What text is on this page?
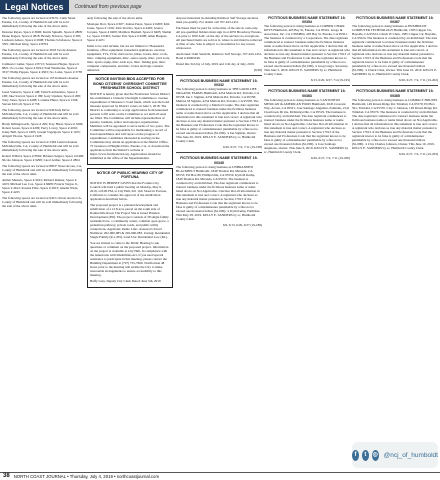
Legal Notices	Continued from previous page

The following spaces are located at 639 W. Clark Street Eureka, CA, County of Humboldt and will be sold immediately following the sale of the above units.

Dezarae Reyes, Space # 3606; Kurtis Spinelli, Space # 2808; Diane Rogers, Space # 2818; Brandy Navarro, Space # 305; Lashawn Amaro, Space # 2908; Thomas Sclafonow, Space # 3301; Michael King, Space # 8704

The following spaces are located at 3618 Jacobs Avenue Eureka, CA, County of Humboldt and will be sold immediately following the sale of the above units.

Cathleen Cromer, Space # 8713; Seanessa Hagan, Space # 8821; Ivo Loder, Space # 8194; Paul Westbroke, Space # 3537; Philip Pappas, Space # 4503; Ivo Loder, Space # 3738

The following spaces are located at 105 Indianola Avenue Eureka, CA, County of Humboldt and will be sold immediately following the sale of the above units.

Jason Valencia, Space # 148; Tami Scarmazzino, Space # 168; Jake Savard, Space # 189; Gary Upshaw, Space # 268; Tony Jones, Space # 4208; Lorraine Hines, Space # 1504; Steven McCall, Space # 756

The following spaces are located at 940 Indy Drive McKinleyville, CA, County of Humboldt and will be sold immediately following the sale of the above units.

Brady Killingsworth, Space # 209; Trey Hurst, Space # 3206; Robert Green, Space # 4209; Perry Lowry, Space # 4016; Jenny Bell, Space # 1905; Joseph Vogelgold, Space # 1105; Abigail Thorne, Space # 1928

The following spaces are located at 2394 Central Avenue McKinleyville, CA, County of Humboldt and will be sold immediately following the sale of the above units.

Robert Willard, Space # P062; Brianna Seigert, Space # 6408; Nicole Johnson, Space # 9298; Carol Arthur, Space # 2864

The following spaces are located at 880 F Street Arcata, CA, County of Humboldt and will be sold immediately following the sale of the above units.

Amber Masters, Space # 4163; Richard Runner, Space # 4103; Michael Lee Cox, Space # 6608; Francis Vargas Jr., Space # 4612; Rosana Platz, Space # 2813; Ainslie Wade, Space # 4225

The following spaces are located at 940 G Street Arcata CA, County of Humboldt and will be sold immediately following the sale of the above units.

ately following the sale of the above units.

Monique Dorr, Space # 607; Joshua Perez, Space # 6208; Kim Jones, Space # 1106; John Trevino, Space # 4403; Jessica Jacques, Space # 6409; Matthew Bushell, Space # 6405; Shelah Le, Space # 6403; Joanne Pair, Space # 6208; Allen Burgess, Space # 4471

Items to be sold include, but are not limited to: Household furniture, office equipment, household appliances, exercise equipment, TVs, VCR, microwave, bikes, books, misc. tools, misc. camping equipment, misc. stereo equip, misc. yard tools, misc. sports equip, misc. kids toys, misc. fishing gear, misc. computer components, and misc. boxes and bags contents unknown.

NOTICE INVITING BIDS ACCEPTED FOR BOND CITIZENS' OVERSIGHT COMMITTEE FRESHWATER SCHOOL DISTRICT

NOTICE is hereby given that the Freshwater School District has established a Citizens' Oversight Committee to oversee expenditures of Measure C bond funds, which was the bond measure approved by District voters on June 5, 2018. The District is continuing to accept applications from interested persons to fill seats on the Committee to act until all seats are filled. The Committee will include representatives of parents, business, senior and taxpayer organizations. Members will be appointed to serve terms of two years. The Committee will be responsible for maintaining a record of bond expenditures and will report on the progress of expenditures. Candidates interested in serving on the Committee may obtain an application at the District Office, 75 Greenwood Heights Drive, Eureka, CA, or download the application from the District's website at https://www.freshwatersd.org. Applications should be submitted at the office of the Superintendent.

NOTICE OF PUBLIC HEARING CITY OF FORTUNA

NOTICE IS HEREBY GIVEN that the Fortuna City Council will hold a public hearing on Monday, May 6, 2019, at 6:00 PM, at City Hall, 621 11th Street in Fortuna, California to consider the approval of the subdivision application described below.

The proposed project is a planned development and subdivision of a 12.8-acre parcel on the south side of Rohnerville Road. The Project Site is zoned Planned Development (PD). The project consists of 58 single family residential lots, a community center, common open space, a pedestrian pathway, private roads, and public utility connections. Applicant: Demo Lilac. Assessor's Parcel Numbers: 202-060-085 & 202-060-083. Zoning: Residential Single Family (R-1-PD). Land Use: Residential Low (RL).

You are invited to come to the Public Hearing to ask questions or comment on the proposed project. Information on the project is available at City Hall. In compliance with the Americans with Disabilities Act, if you need special assistance to participate in this meeting, please contact the Building Department at (707) 725-7600. Notification 48 hours prior to the meeting will enable the City to make reasonable arrangements to ensure accessibility to this meeting.

Buffy Gray, Deputy City Clerk Dated: June 5th, 2019

Anyone interested in attending Rainbow Self Storage auctions must pre-qualify. For details call 707-443-1451.

Purchases must be paid for at the time of the sale in cash only. All pre-qualified bidders must sign in at 4055 Broadway Eureka, CA prior to 9:00 A.M. on the day of the auction; no exceptions. All purchased items are sold as is, where is and must be removed at time of sale. Sale is subject to cancellation for any reason whatsoever.

Auctioneer: Kim Santschi, Rainbow Self Storage, 707-443-1451, Bond # 40065246.

Dated this 3rd day of July, 2019 and 11th day of July, 2019.

(6/28)

FICTITIOUS BUSINESS NAME STATEMENT 19-00332

The following person is doing business as THE GOOD LIFE ORGANIC FARMS Humboldt, 4254 Mattole Rd, Petrolia, CA 95558. Ian C Sigman, 4254 Mattole Rd, Petrolia, CA 95558; Melissa M Sigman, 4254 Mattole Rd, Petrolia, CA 95558. The business is conducted by a Married Couple. The date registrant commenced to transact business under the fictitious business name or name listed above on Not Applicable. I declare that all information in this statement is true and correct. A registrant who declares as true any material matter pursuant to Section 17913 of the Business and Professions Code that the registrant knows to be false is guilty of a misdemeanor punishable by a fine not to exceed one thousand dollars ($1,000). /s Ian Sigman, Owner. This June 26, 2019. KELLY E. SANDERS by sc, Humboldt County Clerk.

6/20, 6/27, 7/4, 7/11 (19-198)

FICTITIOUS BUSINESS NAME STATEMENT 19-00345

The following person is doing business as UNBRANDED BLACKBELT Humboldt, 1849 Thomas Rd, Miranda, CA 95553; PO Box 80, Phillipsville, CA 95559. Kym M Kemp, 1849 Thomas Rd, Miranda, CA 95553. The business is conducted by an Individual. The date registrant commenced to transact business under the fictitious business name or name listed above on Not Applicable. I declare that all information in this statement is true and correct. A registrant who declares as true any material matter pursuant to Section 17913 of the Business and Professions Code that the registrant knows to be false is guilty of a misdemeanor punishable by a fine not to exceed one thousand dollars ($1,000). /s Kym Kemp, Publisher. This May 28, 2019. KELLY E. SANDERS by sc, Humboldt County Clerk.

6/6, 6/13, 6/20, 6/27 (19-189)

FICTITIOUS BUSINESS NAME STATEMENT 19-00354

The following person is doing business as CORNER CHAIR KEYS Humboldt, 403 Bay St, Eureka, CA 95501. Grego & Associates, Inc. CA C3584804, 403 Bay St, Eureka, CA 95501. The business is conducted by a Corporation. The date registrant commenced to transact business under the fictitious business name or name listed above on Not Applicable. I declare that all information in this statement is true and correct. A registrant who declares as true any material matter pursuant to Section 17913 of the Business and Professions Code that the registrant knows to be false is guilty of a misdemeanor punishable by a fine not to exceed one thousand dollars ($1,000). /s Greg Grego, Secretary. This June 5, 2019. KELLY E. SANDERS by sc, Humboldt County Clerk.

6/13, 6/20, 6/27, 7/4 (19-195)

FICTITIOUS BUSINESS NAME STATEMENT 19-00363

The following person is doing business as 5 ANTOJITOS MEXICAN & AMERICAN FOOD Humboldt, 2045 Crescent Way, Arcata, CA 95521. Jose Santiago Anguiano Zamudio, 2141 Clearbrook Dr #A, McKinleyville, CA 95519. The business is conducted by an Individual. The date registrant commenced to transact business under the fictitious business name or name listed above on Not Applicable. I declare that all information in this statement is true and correct. A registrant who declares as true any material matter pursuant to Section 17913 of the Business and Professions Code that the registrant knows to be false is guilty of a misdemeanor punishable by a fine not to exceed one thousand dollars ($1,000). /s Jose Santiago Anguiano, Owner. This June 6, 2019. KELLY E. SANDERS by sc, Humboldt County Clerk.

6/20, 6/27, 7/4, 7/11 (19-200)

FICTITIOUS BUSINESS NAME STATEMENT 19-00367

The following person is doing business as HUMBOLDT COMPUTER TECHNOLOGY Humboldt, 1585 Clipper Cir, Bayside, CA 95524. Chuck W Chen, 1585 Clipper Cir, Bayside, CA 95524. The business is conducted by an Individual. The date registrant commenced to transact business under the fictitious business name or name listed above on Not Applicable. I declare that all information in this statement is true and correct. A registrant who declares as true any material matter pursuant to Section 17913 of the Business and Professions Code that the registrant knows to be false is guilty of a misdemeanor punishable by a fine not to exceed one thousand dollars ($1,000). /s Chuck Chen, Owner. This June 10, 2019. KELLY E. SANDERS by sc, Humboldt County Clerk.

6/20, 6/27, 7/4, 7/11 (19-202)

FICTITIOUS BUSINESS NAME STATEMENT 19-00365

The following person is doing business as COMPACT HOUSES Humboldt, 149 Raven Ridge Rd, Trinidad, CA 95570; PO Box 591, Trinidad, CA 95570. Clay C Johnson, 149 Raven Ridge Rd, Trinidad, CA 95570. The business is conducted by an Individual. The date registrant commenced to transact business under the fictitious business name or name listed above on Not Applicable. I declare that all information in this statement is true and correct. A registrant who declares as true any material matter pursuant to Section 17913 of the Business and Professions Code that the registrant knows to be false is guilty of a misdemeanor punishable by a fine not to exceed one thousand dollars ($1,000). /s Clay Charles Johnson, Owner. This June 10, 2019. KELLY E. SANDERS by sc, Humboldt County Clerk.

6/20, 6/27, 7/4, 7/11 (19-203)

f	t	◎ @ncj_of_humboldt
38 NORTH COAST JOURNAL • Thursday, July 4, 2019 • northcoastjournal.com
